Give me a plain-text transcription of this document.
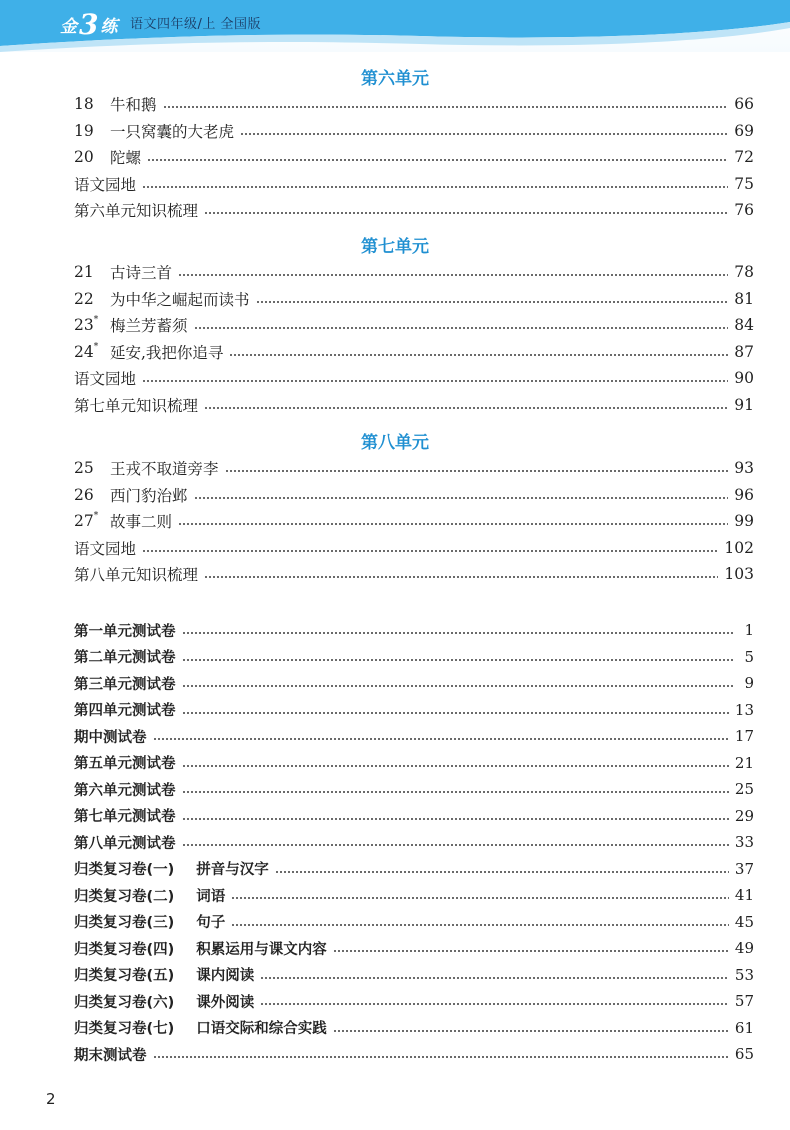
金 3 练 语文四年级/上 全国版
第六单元
18	牛和鹅	66
19	一只窝囊的大老虎	69
20	陀螺	72
语文园地	75
第六单元知识梳理	76
第七单元
21	古诗三首	78
22	为中华之崛起而读书	81
23* 梅兰芳蓄须	84
24* 延安,我把你追寻	87
语文园地	90
第七单元知识梳理	91
第八单元
25	王戎不取道旁李	93
26	西门豹治邺	96
27* 故事二则	99
语文园地	102
第八单元知识梳理	103
第一单元测试卷	1
第二单元测试卷	5
第三单元测试卷	9
第四单元测试卷	13
期中测试卷	17
第五单元测试卷	21
第六单元测试卷	25
第七单元测试卷	29
第八单元测试卷	33
归类复习卷(一) 拼音与汉字	37
归类复习卷(二) 词语	41
归类复习卷(三) 句子	45
归类复习卷(四) 积累运用与课文内容	49
归类复习卷(五) 课内阅读	53
归类复习卷(六) 课外阅读	57
归类复习卷(七) 口语交际和综合实践	61
期末测试卷	65
2
